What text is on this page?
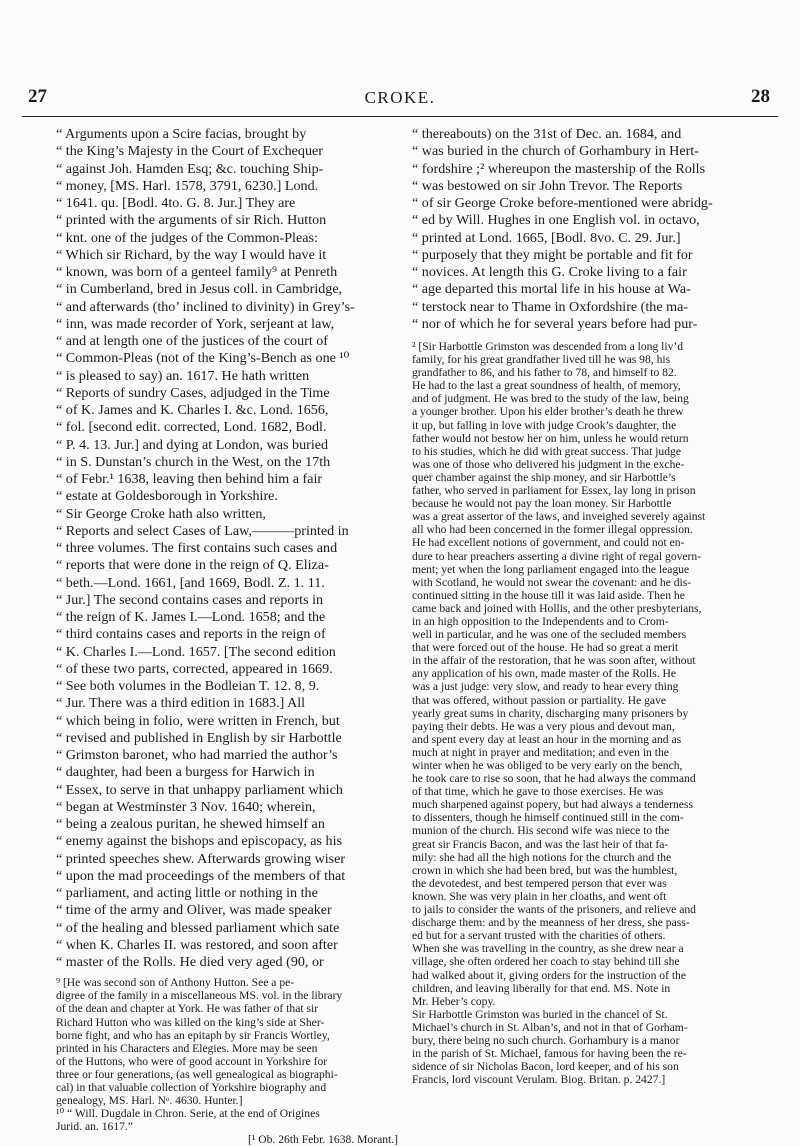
27	CROKE.	28
“ Arguments upon a Scire facias, brought by
“ the King’s Majesty in the Court of Exchequer
“ against Joh. Hamden Esq; &c. touching Ship-
“ money, [MS. Harl. 1578, 3791, 6230.] Lond.
“ 1641. qu. [Bodl. 4to. G. 8. Jur.] They are
“ printed with the arguments of sir Rich. Hutton
“ knt. one of the judges of the Common-Pleas:
“ Which sir Richard, by the way I would have it
“ known, was born of a genteel family⁹ at Penreth
“ in Cumberland, bred in Jesus coll. in Cambridge,
“ and afterwards (tho’ inclined to divinity) in Grey’s-
“ inn, was made recorder of York, serjeant at law,
“ and at length one of the justices of the court of
“ Common-Pleas (not of the King’s-Bench as one ¹⁰
“ is pleased to say) an. 1617. He hath written
“ Reports of sundry Cases, adjudged in the Time
“ of K. James and K. Charles I. &c. Lond. 1656,
“ fol. [second edit. corrected, Lond. 1682, Bodl.
“ P. 4. 13. Jur.] and dying at London, was buried
“ in S. Dunstan’s church in the West, on the 17th
“ of Febr.¹ 1638, leaving then behind him a fair
“ estate at Goldesborough in Yorkshire.
“ Sir George Croke hath also written,
“ Reports and select Cases of Law,———printed in
“ three volumes. The first contains such cases and
“ reports that were done in the reign of Q. Eliza-
“ beth.—Lond. 1661, [and 1669, Bodl. Z. 1. 11.
“ Jur.] The second contains cases and reports in
“ the reign of K. James I.—Lond. 1658; and the
“ third contains cases and reports in the reign of
“ K. Charles I.—Lond. 1657. [The second edition
“ of these two parts, corrected, appeared in 1669.
“ See both volumes in the Bodleian T. 12. 8, 9.
“ Jur. There was a third edition in 1683.] All
“ which being in folio, were written in French, but
“ revised and published in English by sir Harbottle
“ Grimston baronet, who had married the author’s
“ daughter, had been a burgess for Harwich in
“ Essex, to serve in that unhappy parliament which
“ began at Westminster 3 Nov. 1640; wherein,
“ being a zealous puritan, he shewed himself an
“ enemy against the bishops and episcopacy, as his
“ printed speeches shew. Afterwards growing wiser
“ upon the mad proceedings of the members of that
“ parliament, and acting little or nothing in the
“ time of the army and Oliver, was made speaker
“ of the healing and blessed parliament which sate
“ when K. Charles II. was restored, and soon after
“ master of the Rolls. He died very aged (90, or
⁹ [He was second son of Anthony Hutton. See a pe-
digree of the family in a miscellaneous MS. vol. in the library
of the dean and chapter at York. He was father of that sir
Richard Hutton who was killed on the king’s side at Sher-
borne fight, and who has an epitaph by sir Francis Wortley,
printed in his Characters and Elegies. More may be seen
of the Huttons, who were of good account in Yorkshire for
three or four generations, (as well genealogical as biographi-
cal) in that valuable collection of Yorkshire biography and
genealogy, MS. Harl. Nᵒ. 4630. Hunter.]
¹⁰ “ Will. Dugdale in Chron. Serie, at the end of Origines
Jurid. an. 1617.”
[¹ Ob. 26th Febr. 1638. Morant.]
“ thereabouts) on the 31st of Dec. an. 1684, and
“ was buried in the church of Gorhambury in Hert-
“ fordshire ;² whereupon the mastership of the Rolls
“ was bestowed on sir John Trevor. The Reports
“ of sir George Croke before-mentioned were abridg-
“ ed by Will. Hughes in one English vol. in octavo,
“ printed at Lond. 1665, [Bodl. 8vo. C. 29. Jur.]
“ purposely that they might be portable and fit for
“ novices. At length this G. Croke living to a fair
“ age departed this mortal life in his house at Wa-
“ terstock near to Thame in Oxfordshire (the ma-
“ nor of which he for several years before had pur-
² [Sir Harbottle Grimston was descended from a long liv’d
family, for his great grandfather lived till he was 98, his
grandfather to 86, and his father to 78, and himself to 82.
He had to the last a great soundness of health, of memory,
and of judgment. He was bred to the study of the law, being
a younger brother. Upon his elder brother’s death he threw
it up, but falling in love with judge Crook’s daughter, the
father would not bestow her on him, unless he would return
to his studies, which he did with great success. That judge
was one of those who delivered his judgment in the exche-
quer chamber against the ship money, and sir Harbottle’s
father, who served in parliament for Essex, lay long in prison
because he would not pay the loan money. Sir Harbottle
was a great assertor of the laws, and inveighed severely against
all who had been concerned in the former illegal oppression.
He had excellent notions of government, and could not en-
dure to hear preachers asserting a divine right of regal govern-
ment; yet when the long parliament engaged into the league
with Scotland, he would not swear the covenant: and he dis-
continued sitting in the house till it was laid aside. Then he
came back and joined with Hollis, and the other presbyterians,
in an high opposition to the Independents and to Crom-
well in particular, and he was one of the secluded members
that were forced out of the house. He had so great a merit
in the affair of the restoration, that he was soon after, without
any application of his own, made master of the Rolls. He
was a just judge: very slow, and ready to hear every thing
that was offered, without passion or partiality. He gave
yearly great sums in charity, discharging many prisoners by
paying their debts. He was a very pious and devout man,
and spent every day at least an hour in the morning and as
much at night in prayer and meditation; and even in the
winter when he was obliged to be very early on the bench,
he took care to rise so soon, that he had always the command
of that time, which he gave to those exercises. He was
much sharpened against popery, but had always a tenderness
to dissenters, though he himself continued still in the com-
munion of the church. His second wife was niece to the
great sir Francis Bacon, and was the last heir of that fa-
mily: she had all the high notions for the church and the
crown in which she had been bred, but was the humblest,
the devotedest, and best tempered person that ever was
known. She was very plain in her cloaths, and went oft
to jails to consider the wants of the prisoners, and relieve and
discharge them: and by the meanness of her dress, she pass-
ed but for a servant trusted with the charities of others.
When she was travelling in the country, as she drew near a
village, she often ordered her coach to stay behind till she
had walked about it, giving orders for the instruction of the
children, and leaving liberally for that end. MS. Note in
Mr. Heber’s copy.
Sir Harbottle Grimston was buried in the chancel of St.
Michael’s church in St. Alban’s, and not in that of Gorham-
bury, there being no such church. Gorhambury is a manor
in the parish of St. Michael, famous for having been the re-
sidence of sir Nicholas Bacon, lord keeper, and of his son
Francis, lord viscount Verulam. Biog. Britan. p. 2427.]
